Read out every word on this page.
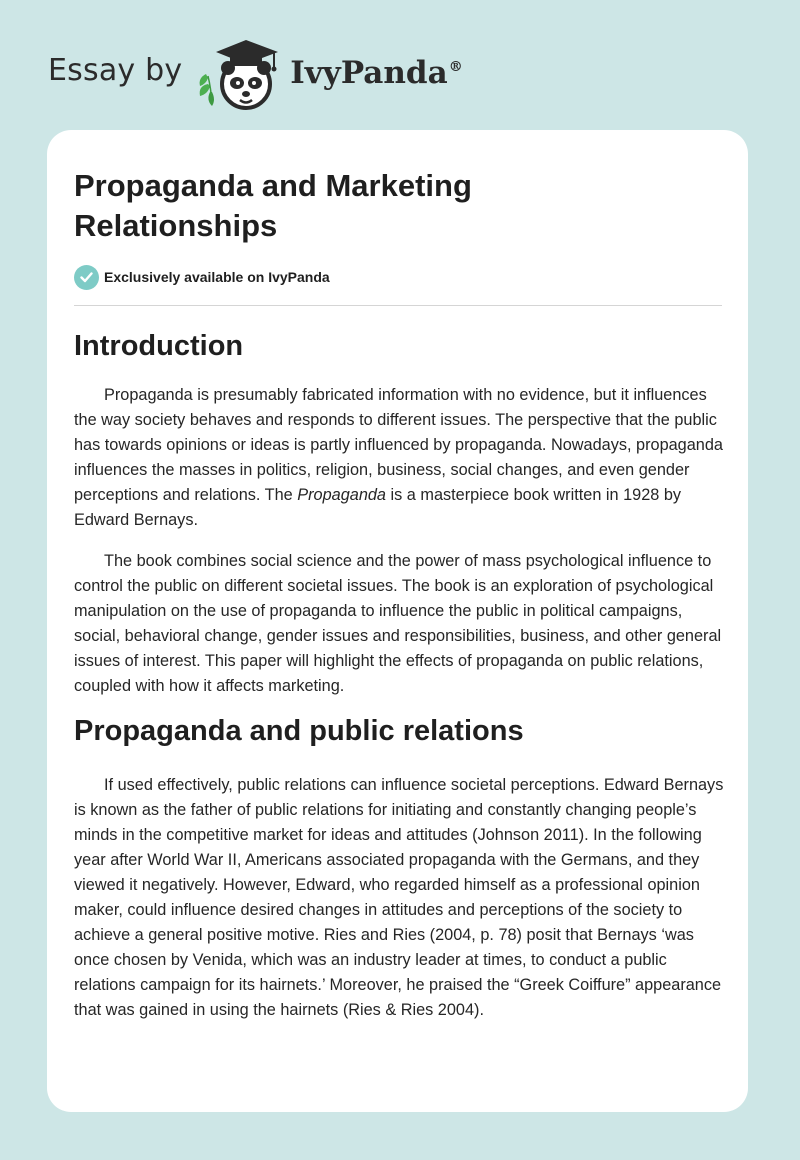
Essay by	IvyPanda®
Propaganda and Marketing Relationships
Exclusively available on IvyPanda
Introduction

Propaganda is presumably fabricated information with no evidence, but it influences the way society behaves and responds to different issues. The perspective that the public has towards opinions or ideas is partly influenced by propaganda. Nowadays, propaganda influences the masses in politics, religion, business, social changes, and even gender perceptions and relations. The Propaganda is a masterpiece book written in 1928 by Edward Bernays.

The book combines social science and the power of mass psychological influence to control the public on different societal issues. The book is an exploration of psychological manipulation on the use of propaganda to influence the public in political campaigns, social, behavioral change, gender issues and responsibilities, business, and other general issues of interest. This paper will highlight the effects of propaganda on public relations, coupled with how it affects marketing.

Propaganda and public relations

If used effectively, public relations can influence societal perceptions. Edward Bernays is known as the father of public relations for initiating and constantly changing people’s minds in the competitive market for ideas and attitudes (Johnson 2011). In the following year after World War II, Americans associated propaganda with the Germans, and they viewed it negatively. However, Edward, who regarded himself as a professional opinion maker, could influence desired changes in attitudes and perceptions of the society to achieve a general positive motive. Ries and Ries (2004, p. 78) posit that Bernays ‘was once chosen by Venida, which was an industry leader at times, to conduct a public relations campaign for its hairnets.’ Moreover, he praised the “Greek Coiffure” appearance that was gained in using the hairnets (Ries & Ries 2004).
